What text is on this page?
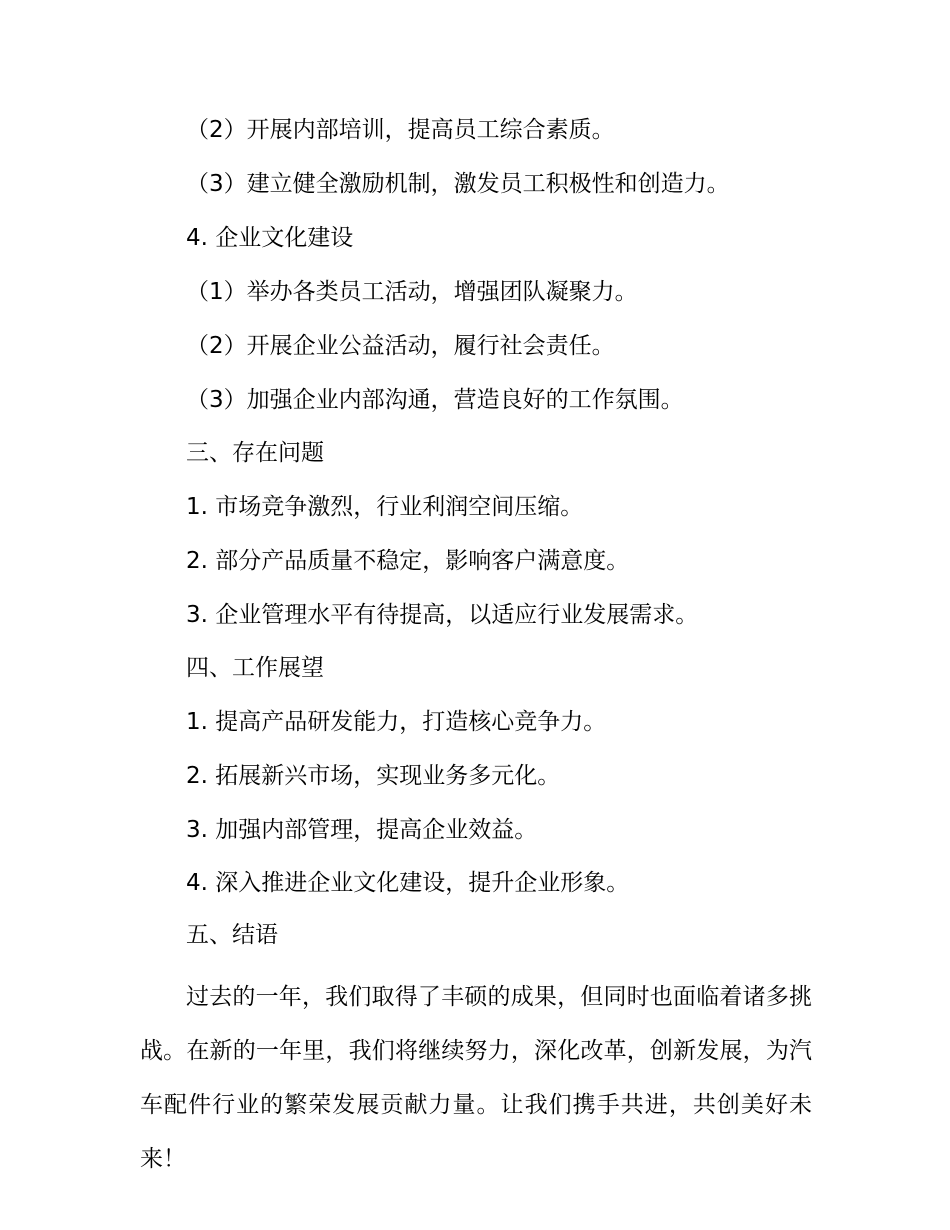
（2）开展内部培训，提高员工综合素质。
（3）建立健全激励机制，激发员工积极性和创造力。
4. 企业文化建设
（1）举办各类员工活动，增强团队凝聚力。
（2）开展企业公益活动，履行社会责任。
（3）加强企业内部沟通，营造良好的工作氛围。
三、存在问题
1. 市场竞争激烈，行业利润空间压缩。
2. 部分产品质量不稳定，影响客户满意度。
3. 企业管理水平有待提高，以适应行业发展需求。
四、工作展望
1. 提高产品研发能力，打造核心竞争力。
2. 拓展新兴市场，实现业务多元化。
3. 加强内部管理，提高企业效益。
4. 深入推进企业文化建设，提升企业形象。
五、结语

过去的一年，我们取得了丰硕的成果，但同时也面临着诸多挑战。在新的一年里，我们将继续努力，深化改革，创新发展，为汽车配件行业的繁荣发展贡献力量。让我们携手共进，共创美好未来！
